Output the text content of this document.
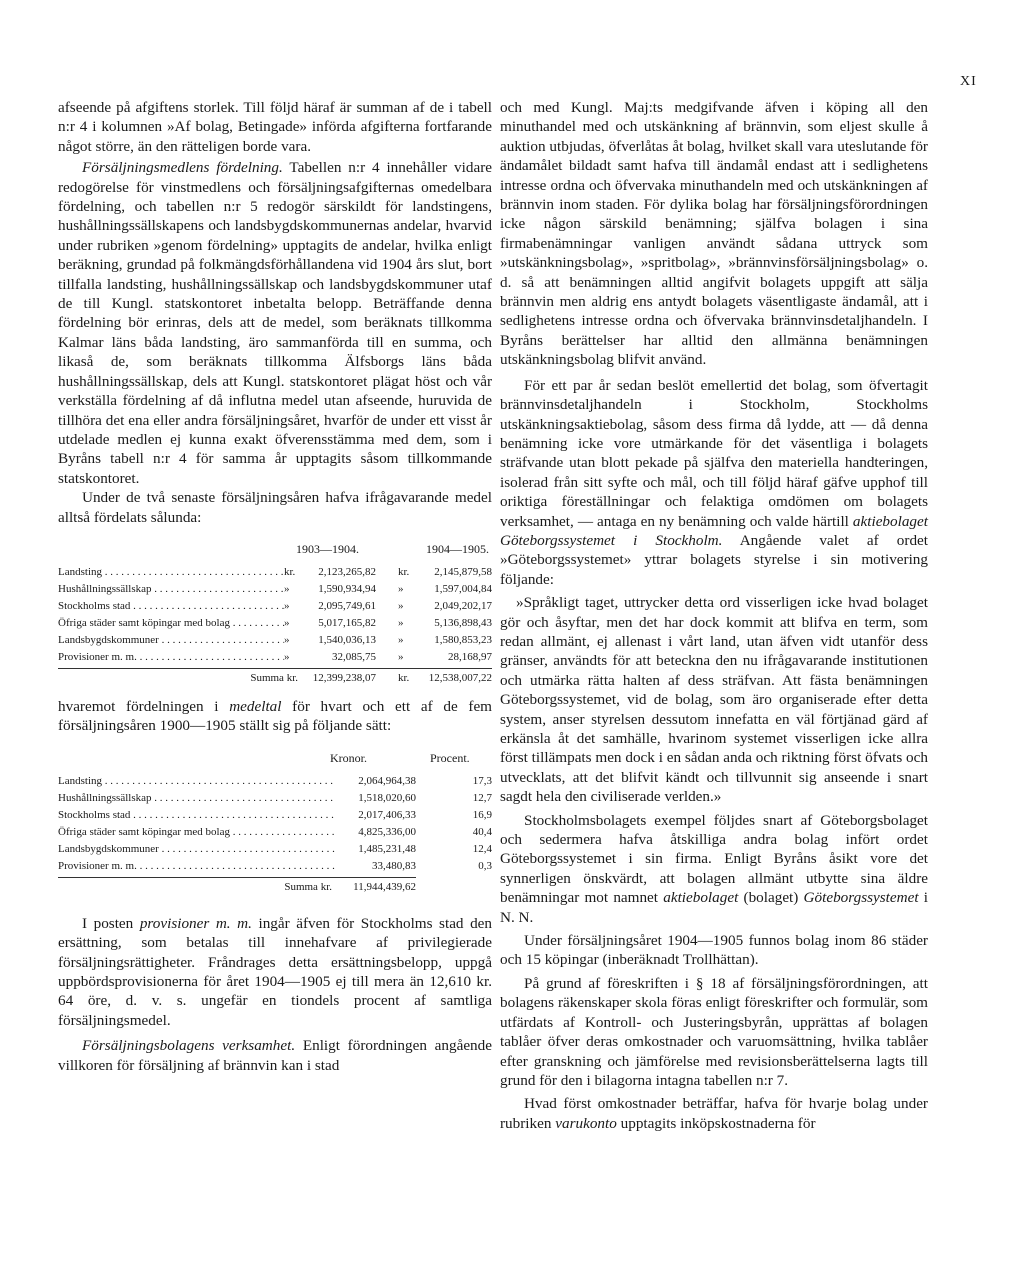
XI

afseende på afgiftens storlek. Till följd häraf är summan af de i tabell n:r 4 i kolumnen »Af bolag, Betingade» införda afgifterna fortfarande något större, än den rätteligen borde vara.

Försäljningsmedlens fördelning. Tabellen n:r 4 innehåller vidare redogörelse för vinstmedlens och försäljningsafgifternas omedelbara fördelning, och tabellen n:r 5 redogör särskildt för landstingens, hushållningssällskapens och landsbygdskommunernas andelar, hvarvid under rubriken »genom fördelning» upptagits de andelar, hvilka enligt beräkning, grundad på folkmängdsförhållandena vid 1904 års slut, bort tillfalla landsting, hushållningssällskap och landsbygdskommuner utaf de till Kungl. statskontoret inbetalta belopp. Beträffande denna fördelning bör erinras, dels att de medel, som beräknats tillkomma Kalmar läns båda landsting, äro sammanförda till en summa, och likaså de, som beräknats tillkomma Älfsborgs läns båda hushållningssällskap, dels att Kungl. statskontoret plägat höst och vår verkställa fördelning af då influtna medel utan afseende, huruvida de tillhöra det ena eller andra försäljningsåret, hvarför de under ett visst år utdelade medlen ej kunna exakt öfverensstämma med dem, som i Byråns tabell n:r 4 för samma år upptagits såsom tillkommande statskontoret.

Under de två senaste försäljningsåren hafva ifrågavarande medel alltså fördelats sålunda:

1903—1904.	1904—1905.
Landsting . . .	kr.	2,123,265,82 kr.	2,145,879,58
Hushållningssällskap . . .	»	1,590,934,94 »	1,597,004,84
Stockholms stad . . .	»	2,095,749,61 »	2,049,202,17
Öfriga städer samt köpingar med bolag . . .	»	5,017,165,82 »	5,136,898,43
Landsbygdskommuner . . .	»	1,540,036,13 »	1,580,853,23
Provisioner m. m. . . .	»	32,085,75 »	28,168,97
Summa kr.	12,399,238,07 kr.	12,538,007,22

hvaremot fördelningen i medeltal för hvart och ett af de fem försäljningsåren 1900—1905 ställt sig på följande sätt:

Kronor.	Procent.
Landsting . . .	2,064,964,38	17,3
Hushållningssällskap . . .	1,518,020,60	12,7
Stockholms stad . . .	2,017,406,33	16,9
Öfriga städer samt köpingar med bolag . . .	4,825,336,00	40,4
Landsbygdskommuner . . .	1,485,231,48	12,4
Provisioner m. m. . . .	33,480,83	0,3
Summa kr.	11,944,439,62

I posten provisioner m. m. ingår äfven för Stockholms stad den ersättning, som betalas till innehafvare af privilegierade försäljningsrättigheter. Fråndrages detta ersättningsbelopp, uppgå uppbördsprovisionerna för året 1904—1905 ej till mera än 12,610 kr. 64 öre, d. v. s. ungefär en tiondels procent af samtliga försäljningsmedel.

Försäljningsbolagens verksamhet. Enligt förordningen angående villkoren för försäljning af brännvin kan i stad

och med Kungl. Maj:ts medgifvande äfven i köping all den minuthandel med och utskänkning af brännvin, som eljest skulle å auktion utbjudas, öfverlåtas åt bolag, hvilket skall vara uteslutande för ändamålet bildadt samt hafva till ändamål endast att i sedlighetens intresse ordna och öfvervaka minuthandeln med och utskänkningen af brännvin inom staden. För dylika bolag har försäljningsförordningen icke någon särskild benämning; själfva bolagen i sina firmabenämningar vanligen användt sådana uttryck som »utskänkningsbolag», »spritbolag», »brännvinsförsäljningsbolag» o. d. så att benämningen alltid angifvit bolagets uppgift att sälja brännvin men aldrig ens antydt bolagets väsentligaste ändamål, att i sedlighetens intresse ordna och öfvervaka brännvinsdetaljhandeln. I Byråns berättelser har alltid den allmänna benämningen utskänkningsbolag blifvit använd.

För ett par år sedan beslöt emellertid det bolag, som öfvertagit brännvinsdetaljhandeln i Stockholm, Stockholms utskänkningsaktiebolag, såsom dess firma då lydde, att — då denna benämning icke vore utmärkande för det väsentliga i bolagets sträfvande utan blott pekade på själfva den materiella handteringen, isolerad från sitt syfte och mål, och till följd häraf gäfve upphof till oriktiga föreställningar och felaktiga omdömen om bolagets verksamhet, — antaga en ny benämning och valde härtill aktiebolaget Göteborgssystemet i Stockholm. Angående valet af ordet »Göteborgssystemet» yttrar bolagets styrelse i sin motivering följande:

»Språkligt taget, uttrycker detta ord visserligen icke hvad bolaget gör och åsyftar, men det har dock kommit att blifva en term, som redan allmänt, ej allenast i vårt land, utan äfven vidt utanför dess gränser, användts för att beteckna den nu ifrågavarande institutionen och utmärka rätta halten af dess sträfvan. Att fästa benämningen Göteborgssystemet, vid de bolag, som äro organiserade efter detta system, anser styrelsen dessutom innefatta en väl förtjänad gärd af erkänsla åt det samhälle, hvarinom systemet visserligen icke allra först tillämpats men dock i en sådan anda och riktning först öfvats och utvecklats, att det blifvit kändt och tillvunnit sig anseende i snart sagdt hela den civiliserade verlden.»

Stockholmsbolagets exempel följdes snart af Göteborgsbolaget och sedermera hafva åtskilliga andra bolag infört ordet Göteborgssystemet i sin firma. Enligt Byråns åsikt vore det synnerligen önskvärdt, att bolagen allmänt utbytte sina äldre benämningar mot namnet aktiebolaget (bolaget) Göteborgssystemet i N. N.

Under försäljningsåret 1904—1905 funnos bolag inom 86 städer och 15 köpingar (inberäknadt Trollhättan).

På grund af föreskriften i § 18 af försäljningsförordningen, att bolagens räkenskaper skola föras enligt föreskrifter och formulär, som utfärdats af Kontroll- och Justeringsbyrån, upprättas af bolagen tablåer öfver deras omkostnader och varuomsättning, hvilka tablåer efter granskning och jämförelse med revisionsberättelserna lagts till grund för den i bilagorna intagna tabellen n:r 7.

Hvad först omkostnader beträffar, hafva för hvarje bolag under rubriken varukonto upptagits inköpskostnaderna för
